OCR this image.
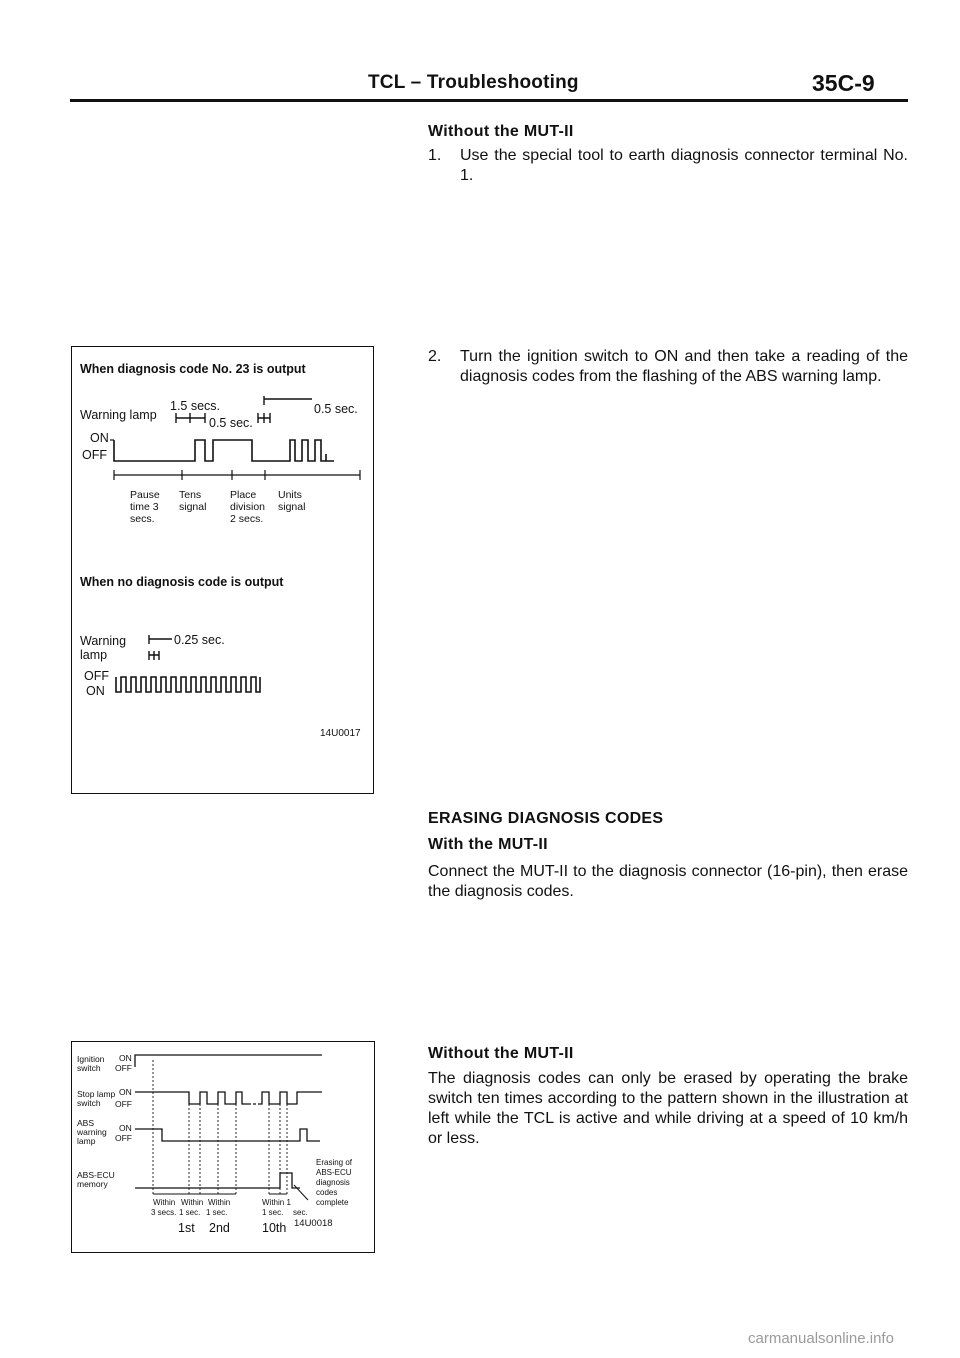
TCL – Troubleshooting	35C-9
Without the MUT-II
1. Use the special tool to earth diagnosis connector terminal No. 1.
2. Turn the ignition switch to ON and then take a reading of the diagnosis codes from the flashing of the ABS warning lamp.
When diagnosis code No. 23 is output
1.5 secs.
Warning lamp	0.5 sec.
0.5 sec.
ON
OFF
Pause
time 3
secs.
Tens
signal
Place
division
2 secs.
Units
signal
When no diagnosis code is output
Warning
lamp
0.25 sec.
OFF
ON
14U0017
ERASING DIAGNOSIS CODES
With the MUT-II
Connect the MUT-II to the diagnosis connector (16-pin), then erase the diagnosis codes.
Ignition
switch
Stop lamp
switch
ABS
warning
lamp
ABS-ECU
memory
ON
OFF
ON
OFF
ON
OFF
Erasing of
ABS-ECU
diagnosis
codes
complete
Within Within Within
3 secs. 1 sec. 1 sec.
Within 1
1 sec. sec.
1st 2nd	10th 14U0018
Without the MUT-II
The diagnosis codes can only be erased by operating the brake switch ten times according to the pattern shown in the illustration at left while the TCL is active and while driving at a speed of 10 km/h or less.
carmanualsonline.info
